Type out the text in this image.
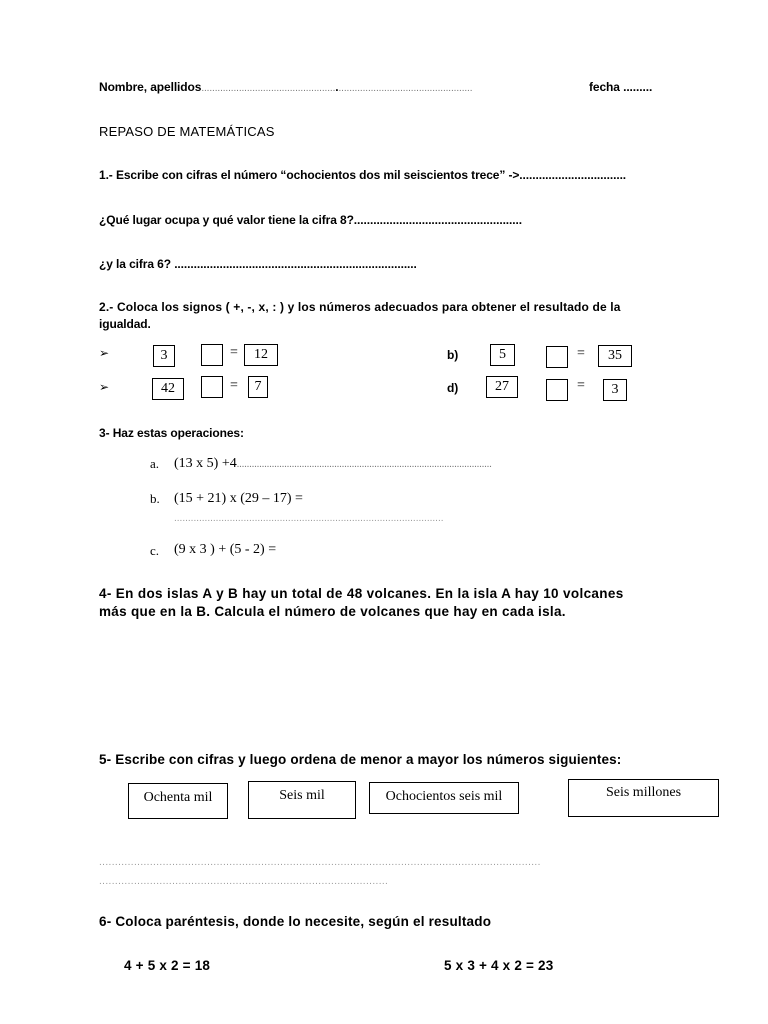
Nombre, apellidos.....................................................................................................	fecha .........
REPASO DE MATEMÁTICAS
1.- Escribe con cifras el número “ochocientos dos mil seiscientos trece” ->.................................
¿Qué lugar ocupa y qué valor tiene la cifra 8?....................................................
¿y la cifra 6? ...........................................................................
2.- Coloca los signos ( +, -, x, : ) y los números adecuados para obtener el resultado de la
igualdad.
➢	3	=	12	b)	5	=	35
➢	42	=	7	d)	27	=	3
3- Haz estas operaciones:
a. (13 x 5) +4......................................................................................................
b. (15 + 21) x (29 – 17) =
.................................................................................................
c. (9 x 3 ) + (5 - 2) =
4- En dos islas A y B hay un total de 48 volcanes. En la isla A hay 10 volcanes
más que en la B. Calcula el número de volcanes que hay en cada isla.
5- Escribe con cifras y luego ordena de menor a mayor los números siguientes:
Ochenta mil	Seis mil	Ochocientos seis mil	Seis millones
...........................................................................................................................................
...........................................................................................
6- Coloca paréntesis, donde lo necesite, según el resultado
4 + 5 x 2 = 18	5 x 3 + 4 x 2 = 23
